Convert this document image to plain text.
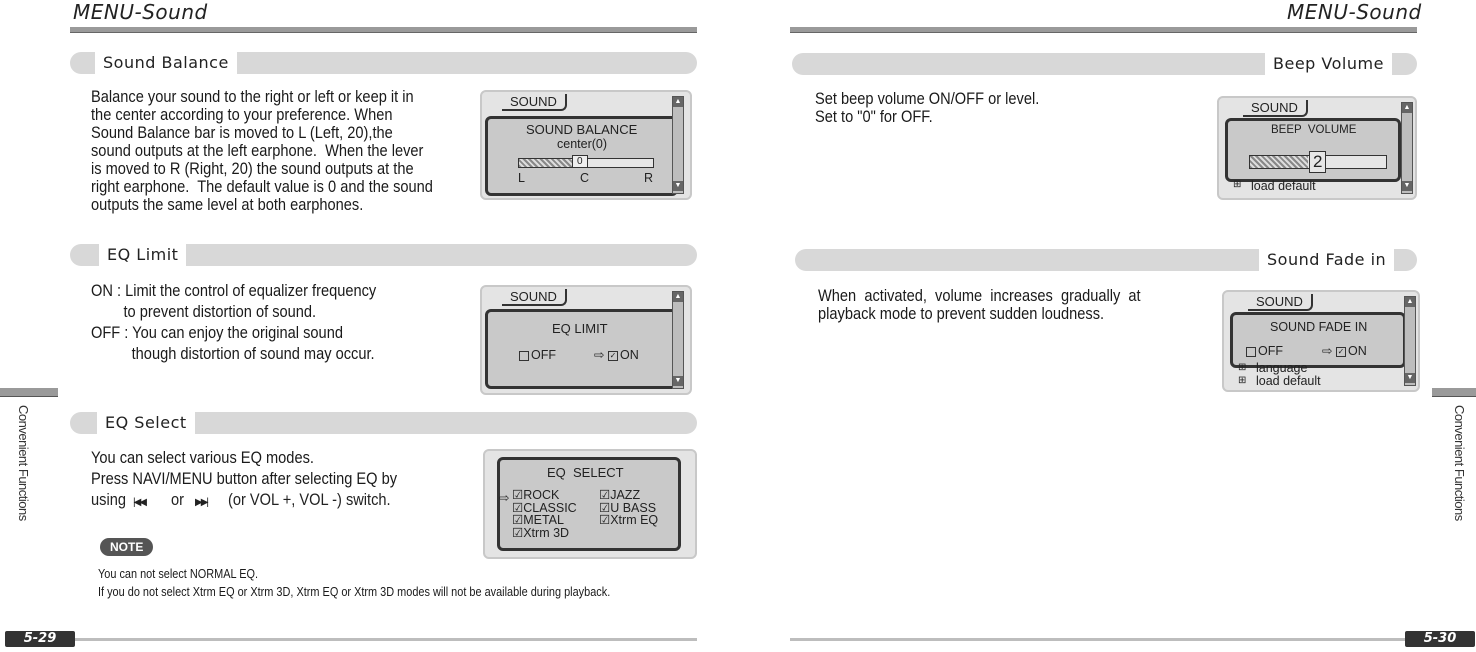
MENU-Sound
Sound Balance
Balance your sound to the right or left or keep it in
the center according to your preference. When
Sound Balance bar is moved to L (Left, 20),the
sound outputs at the left earphone.  When the lever
is moved to R (Right, 20) the sound outputs at the
right earphone.  The default value is 0 and the sound
outputs the same level at both earphones.
SOUND
SOUND BALANCE
center(0)
0
L	C	R
▲
▼
EQ Limit
ON : Limit the control of equalizer frequency
to prevent distortion of sound.
OFF : You can enjoy the original sound
though distortion of sound may occur.
SOUND
EQ LIMIT
OFF	⇨ ✓ ON
▲
▼
EQ Select
You can select various EQ modes.
Press NAVI/MENU button after selecting EQ by
using |◀◀ or ▶▶| (or VOL +, VOL -) switch.
EQ  SELECT
⇨ ☑ROCK
☑CLASSIC
☑METAL
☑Xtrm 3D
☑JAZZ
☑U BASS
☑Xtrm EQ
NOTE
You can not select NORMAL EQ.
If you do not select Xtrm EQ or Xtrm 3D, Xtrm EQ or Xtrm 3D modes will not be available during playback.
Convenient Functions
5-29
MENU-Sound
Beep Volume
Set beep volume ON/OFF or level.
Set to "0" for OFF.	SOUND
BEEP  VOLUME
2
⊞ load default
▲
▼
Sound Fade in
When  activated,  volume  increases  gradually  at
playback mode to prevent sudden loudness.
SOUND
SOUND FADE IN
OFF	⇨ ✓ ON
⊞ language
⊞ load default
▲
▼
Convenient Functions
5-30
